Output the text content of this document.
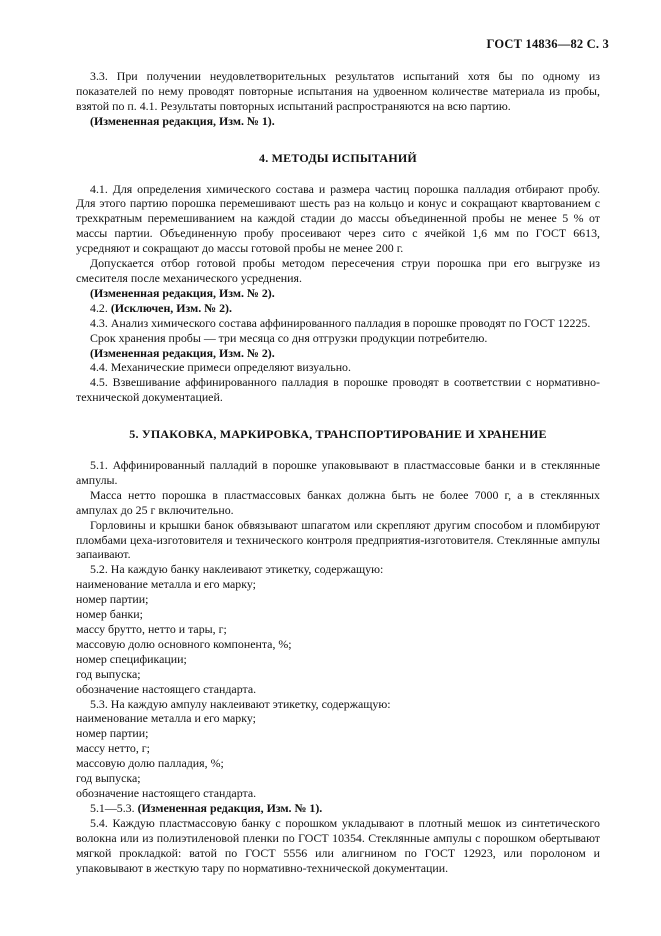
ГОСТ 14836—82 С. 3

3.3. При получении неудовлетворительных результатов испытаний хотя бы по одному из показателей по нему проводят повторные испытания на удвоенном количестве материала из пробы, взятой по п. 4.1. Результаты повторных испытаний распространяются на всю партию.

(Измененная редакция, Изм. № 1).

4. МЕТОДЫ ИСПЫТАНИЙ

4.1. Для определения химического состава и размера частиц порошка палладия отбирают пробу. Для этого партию порошка перемешивают шесть раз на кольцо и конус и сокращают квартованием с трехкратным перемешиванием на каждой стадии до массы объединенной пробы не менее 5 % от массы партии. Объединенную пробу просеивают через сито с ячейкой 1,6 мм по ГОСТ 6613, усредняют и сокращают до массы готовой пробы не менее 200 г.

Допускается отбор готовой пробы методом пересечения струи порошка при его выгрузке из смесителя после механического усреднения.

(Измененная редакция, Изм. № 2).

4.2. (Исключен, Изм. № 2).

4.3. Анализ химического состава аффинированного палладия в порошке проводят по ГОСТ 12225.

Срок хранения пробы — три месяца со дня отгрузки продукции потребителю.

(Измененная редакция, Изм. № 2).

4.4. Механические примеси определяют визуально.

4.5. Взвешивание аффинированного палладия в порошке проводят в соответствии с нормативно-технической документацией.

5. УПАКОВКА, МАРКИРОВКА, ТРАНСПОРТИРОВАНИЕ И ХРАНЕНИЕ

5.1. Аффинированный палладий в порошке упаковывают в пластмассовые банки и в стеклянные ампулы.

Масса нетто порошка в пластмассовых банках должна быть не более 7000 г, а в стеклянных ампулах до 25 г включительно.

Горловины и крышки банок обвязывают шпагатом или скрепляют другим способом и пломбируют пломбами цеха-изготовителя и технического контроля предприятия-изготовителя. Стеклянные ампулы запаивают.

5.2. На каждую банку наклеивают этикетку, содержащую:

наименование металла и его марку;

номер партии;

номер банки;

массу брутто, нетто и тары, г;

массовую долю основного компонента, %;

номер спецификации;

год выпуска;

обозначение настоящего стандарта.

5.3. На каждую ампулу наклеивают этикетку, содержащую:

наименование металла и его марку;

номер партии;

массу нетто, г;

массовую долю палладия, %;

год выпуска;

обозначение настоящего стандарта.

5.1—5.3. (Измененная редакция, Изм. № 1).

5.4. Каждую пластмассовую банку с порошком укладывают в плотный мешок из синтетического волокна или из полиэтиленовой пленки по ГОСТ 10354. Стеклянные ампулы с порошком обертывают мягкой прокладкой: ватой по ГОСТ 5556 или алигнином по ГОСТ 12923, или поролоном и упаковывают в жесткую тару по нормативно-технической документации.
